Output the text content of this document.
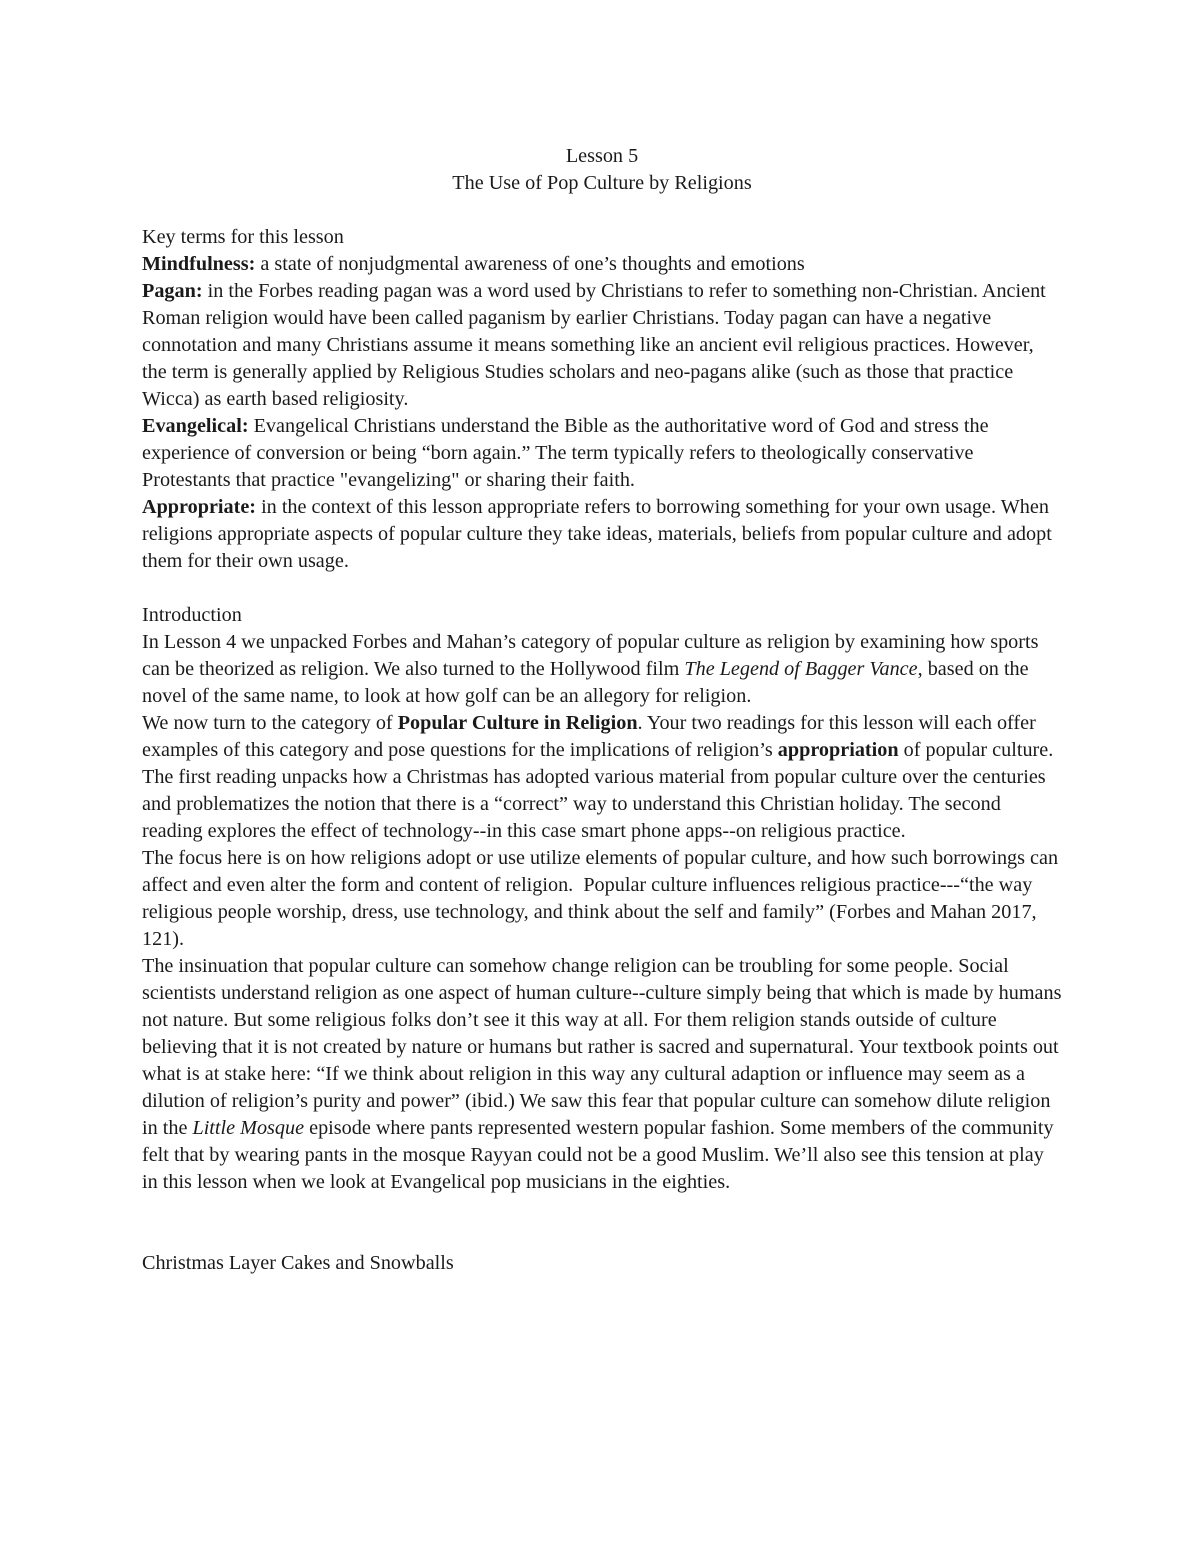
Lesson 5
The Use of Pop Culture by Religions
Key terms for this lesson

Mindfulness: a state of nonjudgmental awareness of one’s thoughts and emotions

Pagan: in the Forbes reading pagan was a word used by Christians to refer to something non-Christian. Ancient Roman religion would have been called paganism by earlier Christians. Today pagan can have a negative connotation and many Christians assume it means something like an ancient evil religious practices. However, the term is generally applied by Religious Studies scholars and neo-pagans alike (such as those that practice Wicca) as earth based religiosity.

Evangelical: Evangelical Christians understand the Bible as the authoritative word of God and stress the experience of conversion or being “born again.” The term typically refers to theologically conservative Protestants that practice "evangelizing" or sharing their faith.

Appropriate: in the context of this lesson appropriate refers to borrowing something for your own usage. When religions appropriate aspects of popular culture they take ideas, materials, beliefs from popular culture and adopt them for their own usage.

Introduction

In Lesson 4 we unpacked Forbes and Mahan’s category of popular culture as religion by examining how sports can be theorized as religion. We also turned to the Hollywood film The Legend of Bagger Vance, based on the novel of the same name, to look at how golf can be an allegory for religion.

We now turn to the category of Popular Culture in Religion. Your two readings for this lesson will each offer examples of this category and pose questions for the implications of religion’s appropriation of popular culture. The first reading unpacks how a Christmas has adopted various material from popular culture over the centuries and problematizes the notion that there is a “correct” way to understand this Christian holiday. The second reading explores the effect of technology--in this case smart phone apps--on religious practice.

The focus here is on how religions adopt or use utilize elements of popular culture, and how such borrowings can affect and even alter the form and content of religion.  Popular culture influences religious practice---“the way religious people worship, dress, use technology, and think about the self and family” (Forbes and Mahan 2017, 121).

The insinuation that popular culture can somehow change religion can be troubling for some people. Social scientists understand religion as one aspect of human culture--culture simply being that which is made by humans not nature. But some religious folks don’t see it this way at all. For them religion stands outside of culture believing that it is not created by nature or humans but rather is sacred and supernatural. Your textbook points out what is at stake here: “If we think about religion in this way any cultural adaption or influence may seem as a dilution of religion’s purity and power” (ibid.) We saw this fear that popular culture can somehow dilute religion in the Little Mosque episode where pants represented western popular fashion. Some members of the community felt that by wearing pants in the mosque Rayyan could not be a good Muslim. We’ll also see this tension at play in this lesson when we look at Evangelical pop musicians in the eighties.

Christmas Layer Cakes and Snowballs
